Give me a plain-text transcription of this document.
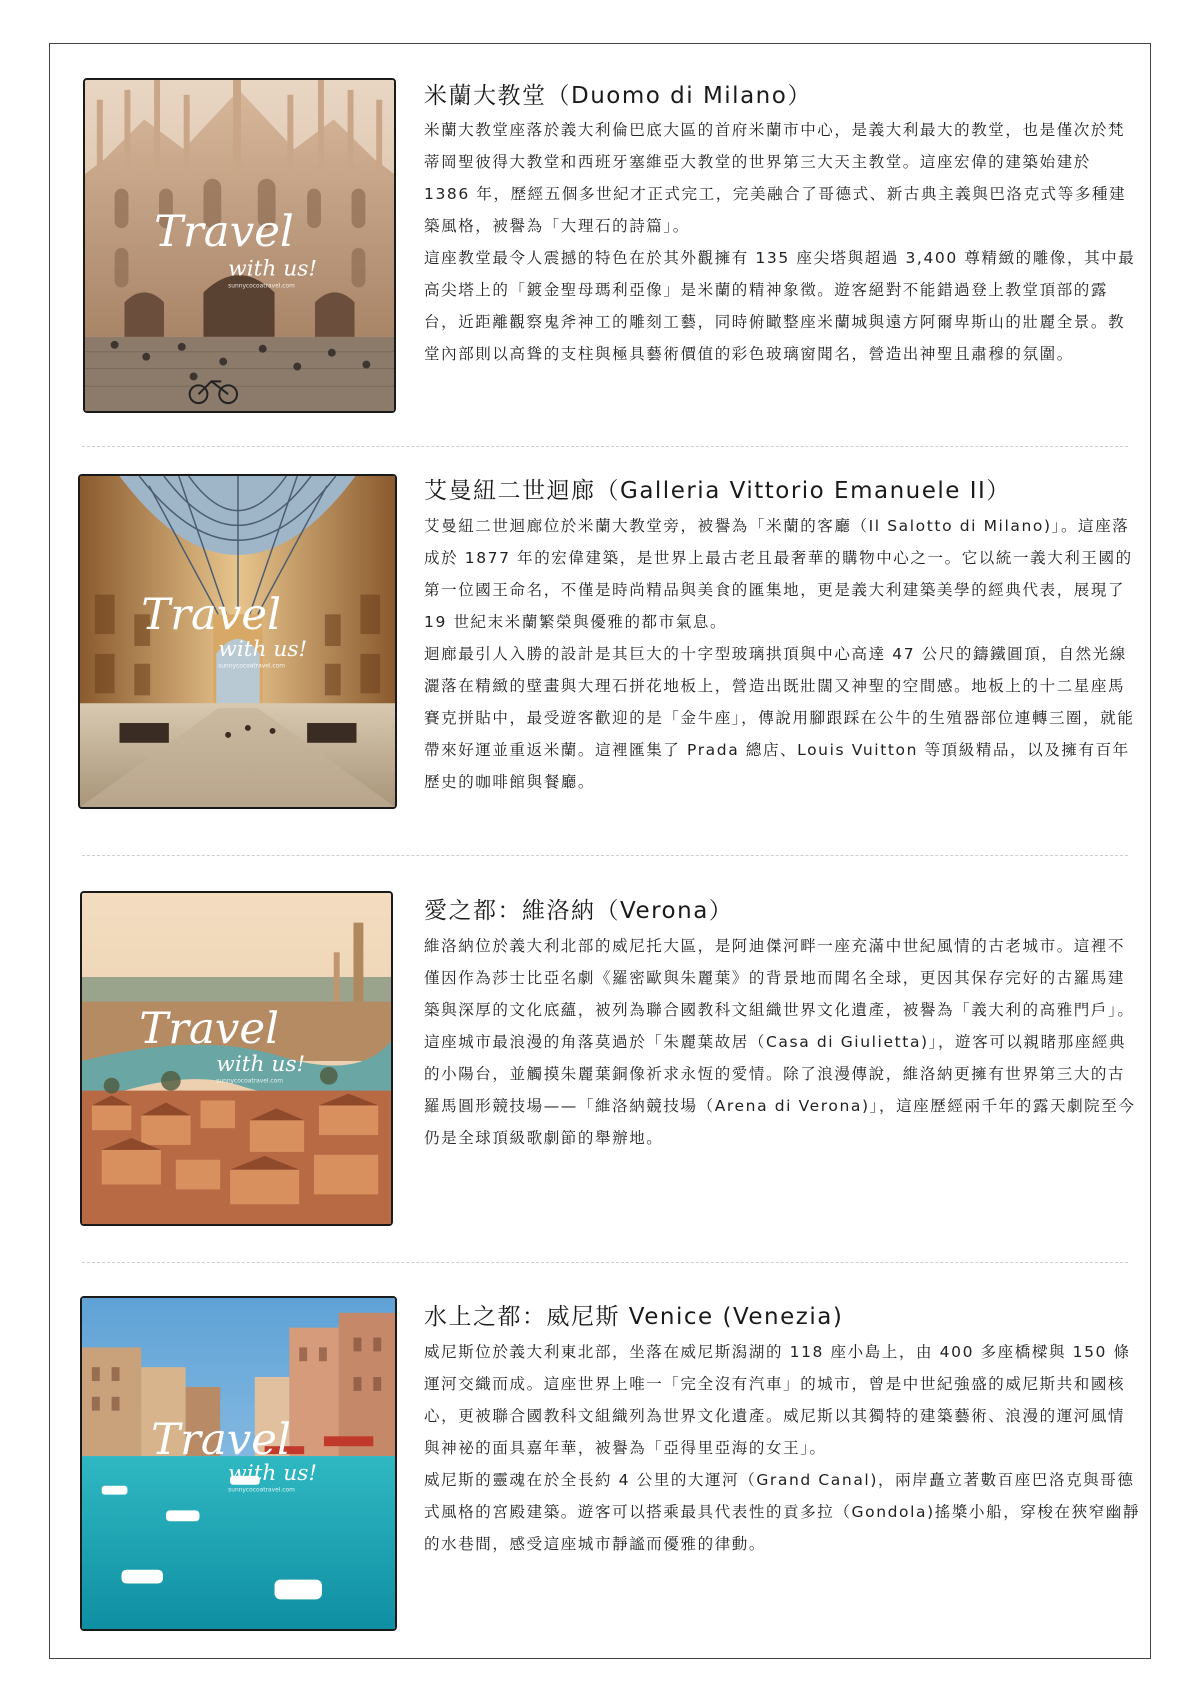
Travel
with us!
sunnycocoatravel.com
米蘭大教堂（Duomo di Milano）

米蘭大教堂座落於義大利倫巴底大區的首府米蘭市中心，是義大利最大的教堂，也是僅次於梵蒂岡聖彼得大教堂和西班牙塞維亞大教堂的世界第三大天主教堂。這座宏偉的建築始建於 1386 年，歷經五個多世紀才正式完工，完美融合了哥德式、新古典主義與巴洛克式等多種建築風格，被譽為「大理石的詩篇」。

這座教堂最令人震撼的特色在於其外觀擁有 135 座尖塔與超過 3,400 尊精緻的雕像，其中最高尖塔上的「鍍金聖母瑪利亞像」是米蘭的精神象徵。遊客絕對不能錯過登上教堂頂部的露台，近距離觀察鬼斧神工的雕刻工藝，同時俯瞰整座米蘭城與遠方阿爾卑斯山的壯麗全景。教堂內部則以高聳的支柱與極具藝術價值的彩色玻璃窗聞名，營造出神聖且肅穆的氛圍。

Travel
with us!
sunnycocoatravel.com
艾曼紐二世迴廊（Galleria Vittorio Emanuele II）

艾曼紐二世迴廊位於米蘭大教堂旁，被譽為「米蘭的客廳（Il Salotto di Milano)」。這座落成於 1877 年的宏偉建築，是世界上最古老且最奢華的購物中心之一。它以統一義大利王國的第一位國王命名，不僅是時尚精品與美食的匯集地，更是義大利建築美學的經典代表，展現了 19 世紀末米蘭繁榮與優雅的都市氣息。

迴廊最引人入勝的設計是其巨大的十字型玻璃拱頂與中心高達 47 公尺的鑄鐵圓頂，自然光線灑落在精緻的壁畫與大理石拼花地板上，營造出既壯闊又神聖的空間感。地板上的十二星座馬賽克拼貼中，最受遊客歡迎的是「金牛座」，傳說用腳跟踩在公牛的生殖器部位連轉三圈，就能帶來好運並重返米蘭。這裡匯集了 Prada 總店、Louis Vuitton 等頂級精品，以及擁有百年歷史的咖啡館與餐廳。

Travel
with us!
sunnycocoatravel.com
愛之都：維洛納（Verona）

維洛納位於義大利北部的威尼托大區，是阿迪傑河畔一座充滿中世紀風情的古老城市。這裡不僅因作為莎士比亞名劇《羅密歐與朱麗葉》的背景地而聞名全球，更因其保存完好的古羅馬建築與深厚的文化底蘊，被列為聯合國教科文組織世界文化遺產，被譽為「義大利的高雅門戶」。

這座城市最浪漫的角落莫過於「朱麗葉故居（Casa di Giulietta)」，遊客可以親睹那座經典的小陽台，並觸摸朱麗葉銅像祈求永恆的愛情。除了浪漫傳說，維洛納更擁有世界第三大的古羅馬圓形競技場——「維洛納競技場（Arena di Verona)」，這座歷經兩千年的露天劇院至今仍是全球頂級歌劇節的舉辦地。

Travel
with us!
sunnycocoatravel.com
水上之都：威尼斯 Venice (Venezia)

威尼斯位於義大利東北部，坐落在威尼斯潟湖的 118 座小島上，由 400 多座橋樑與 150 條運河交織而成。這座世界上唯一「完全沒有汽車」的城市，曾是中世紀強盛的威尼斯共和國核心，更被聯合國教科文組織列為世界文化遺產。威尼斯以其獨特的建築藝術、浪漫的運河風情與神祕的面具嘉年華，被譽為「亞得里亞海的女王」。

威尼斯的靈魂在於全長約 4 公里的大運河（Grand Canal)，兩岸矗立著數百座巴洛克與哥德式風格的宮殿建築。遊客可以搭乘最具代表性的貢多拉（Gondola)搖槳小船，穿梭在狹窄幽靜的水巷間，感受這座城市靜謐而優雅的律動。
